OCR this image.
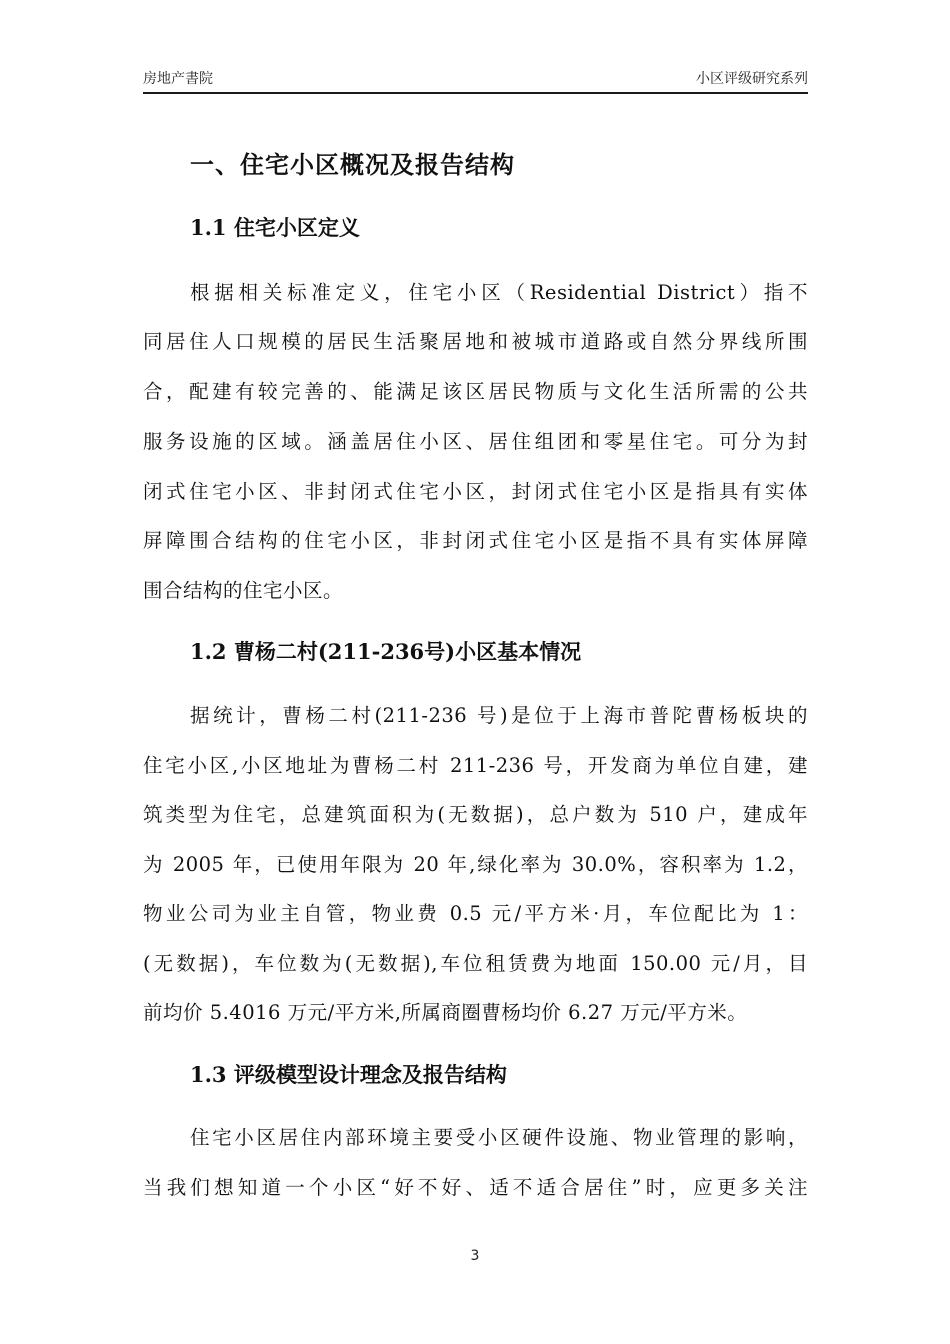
房地产書院	小区评级研究系列
一、住宅小区概况及报告结构
1.1 住宅小区定义
根据相关标准定义，住宅小区（Residential District）指不
同居住人口规模的居民生活聚居地和被城市道路或自然分界线所围
合，配建有较完善的、能满足该区居民物质与文化生活所需的公共
服务设施的区域。涵盖居住小区、居住组团和零星住宅。可分为封
闭式住宅小区、非封闭式住宅小区，封闭式住宅小区是指具有实体
屏障围合结构的住宅小区，非封闭式住宅小区是指不具有实体屏障
围合结构的住宅小区。
1.2 曹杨二村(211-236号)小区基本情况
据统计，曹杨二村(211-236 号)是位于上海市普陀曹杨板块的
住宅小区,小区地址为曹杨二村 211-236 号，开发商为单位自建，建
筑类型为住宅，总建筑面积为(无数据)，总户数为 510 户，建成年
为 2005 年，已使用年限为 20 年,绿化率为 30.0%，容积率为 1.2，
物业公司为业主自管，物业费 0.5 元/平方米·月，车位配比为 1：
(无数据)，车位数为(无数据),车位租赁费为地面 150.00 元/月，目
前均价 5.4016 万元/平方米,所属商圈曹杨均价 6.27 万元/平方米。
1.3 评级模型设计理念及报告结构
住宅小区居住内部环境主要受小区硬件设施、物业管理的影响，
当我们想知道一个小区“好不好、适不适合居住”时，应更多关注
3
